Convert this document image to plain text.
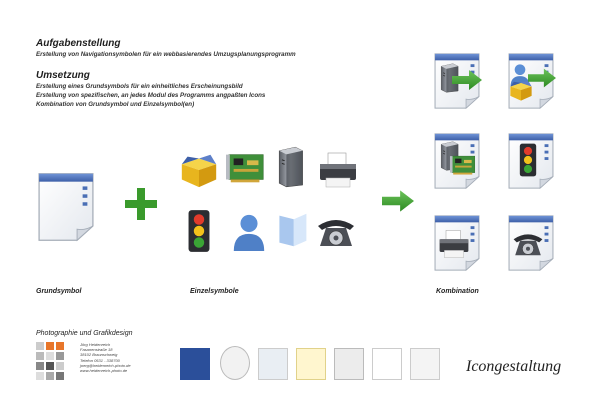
Aufgabenstellung
Erstellung von Navigationsymbolen für ein webbasierendes Umzugsplanungsprogramm
Umsetzung
Erstellung eines Grundsymbols für ein einheitliches Erscheinungsbild
Erstellung von spezifischen, an jedes Modul des Programms angpaßten Icons
Kombination von Grundsymbol und Einzelsymbol(en)
Grundsymbol	Einzelsymbole	Kombination
Photographie und Grafikdesign
Jörg Heidenreich
Fasanenstraße 18
38102 Braunschweig
Telefon 0531 - 338700
joerg@heidenreich-photo.de
www.heidenreich-photo.de	Icongestaltung
